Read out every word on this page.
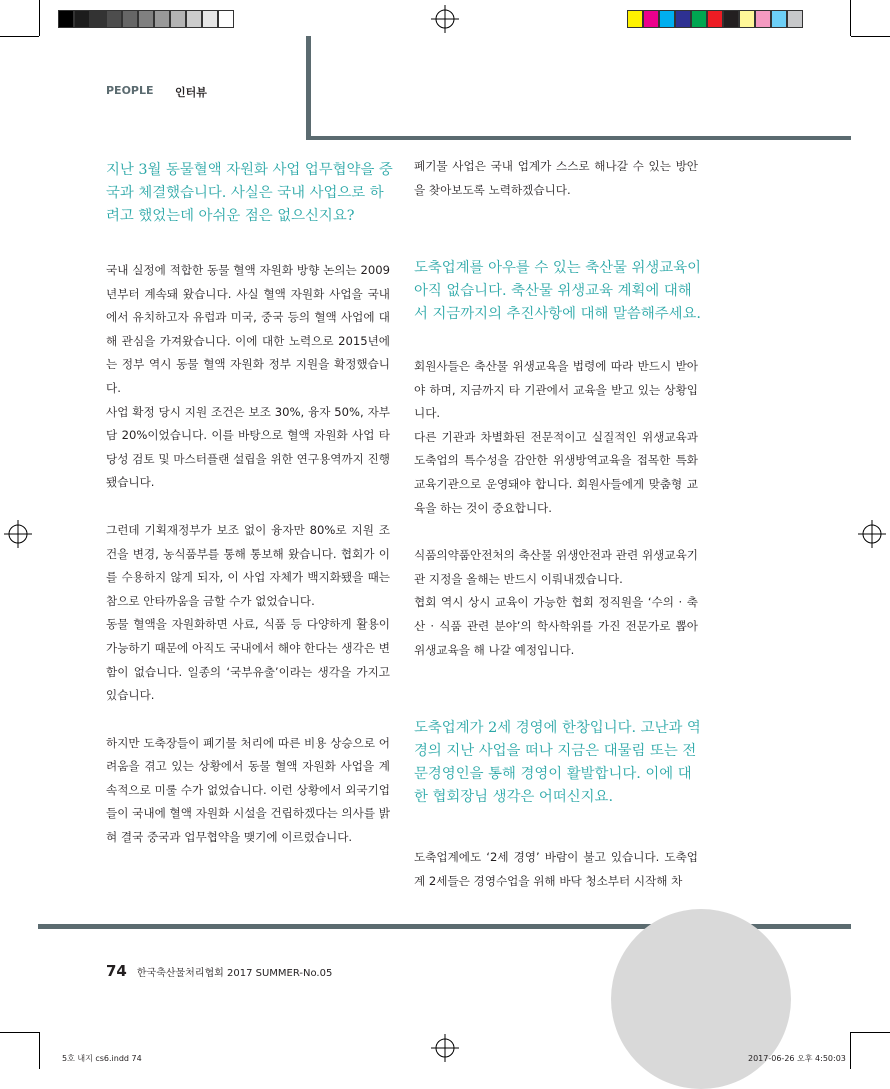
PEOPLE 인터뷰

지난 3월 동물혈액 자원화 사업 업무협약을 중국과 체결했습니다. 사실은 국내 사업으로 하려고 했었는데 아쉬운 점은 없으신지요?

국내 실정에 적합한 동물 혈액 자원화 방향 논의는 2009년부터 계속돼 왔습니다. 사실 혈액 자원화 사업을 국내에서 유치하고자 유럽과 미국, 중국 등의 혈액 사업에 대해 관심을 가져왔습니다. 이에 대한 노력으로 2015년에는 정부 역시 동물 혈액 자원화 정부 지원을 확정했습니다.

사업 확정 당시 지원 조건은 보조 30%, 융자 50%, 자부담 20%이었습니다. 이를 바탕으로 혈액 자원화 사업 타당성 검토 및 마스터플랜 설립을 위한 연구용역까지 진행됐습니다.

그런데 기획재정부가 보조 없이 융자만 80%로 지원 조건을 변경, 농식품부를 통해 통보해 왔습니다. 협회가 이를 수용하지 않게 되자, 이 사업 자체가 백지화됐을 때는 참으로 안타까움을 금할 수가 없었습니다.

동물 혈액을 자원화하면 사료, 식품 등 다양하게 활용이 가능하기 때문에 아직도 국내에서 해야 한다는 생각은 변함이 없습니다. 일종의 ‘국부유출’이라는 생각을 가지고 있습니다.

하지만 도축장들이 폐기물 처리에 따른 비용 상승으로 어려움을 겪고 있는 상황에서 동물 혈액 자원화 사업을 계속적으로 미룰 수가 없었습니다. 이런 상황에서 외국기업들이 국내에 혈액 자원화 시설을 건립하겠다는 의사를 밝혀 결국 중국과 업무협약을 맺기에 이르렀습니다.

폐기물 사업은 국내 업계가 스스로 해나갈 수 있는 방안을 찾아보도록 노력하겠습니다.

도축업계를 아우를 수 있는 축산물 위생교육이 아직 없습니다. 축산물 위생교육 계획에 대해서 지금까지의 추진사항에 대해 말씀해주세요.

회원사들은 축산물 위생교육을 법령에 따라 반드시 받아야 하며, 지금까지 타 기관에서 교육을 받고 있는 상황입니다.

다른 기관과 차별화된 전문적이고 실질적인 위생교육과 도축업의 특수성을 감안한 위생방역교육을 접목한 특화교육기관으로 운영돼야 합니다. 회원사들에게 맞춤형 교육을 하는 것이 중요합니다.

식품의약품안전처의 축산물 위생안전과 관련 위생교육기관 지정을 올해는 반드시 이뤄내겠습니다.

협회 역시 상시 교육이 가능한 협회 정직원을 ‘수의 · 축산 · 식품 관련 분야’의 학사학위를 가진 전문가로 뽑아 위생교육을 해 나갈 예정입니다.

도축업계가 2세 경영에 한창입니다. 고난과 역경의 지난 사업을 떠나 지금은 대물림 또는 전문경영인을 통해 경영이 활발합니다. 이에 대한 협회장님 생각은 어떠신지요.

도축업계에도 ‘2세 경영’ 바람이 불고 있습니다. 도축업계 2세들은 경영수업을 위해 바닥 청소부터 시작해 차

74 한국축산물처리협회 2017 SUMMER-No.05
5호 내지 cs6.indd 74	2017-06-26 오후 4:50:03
